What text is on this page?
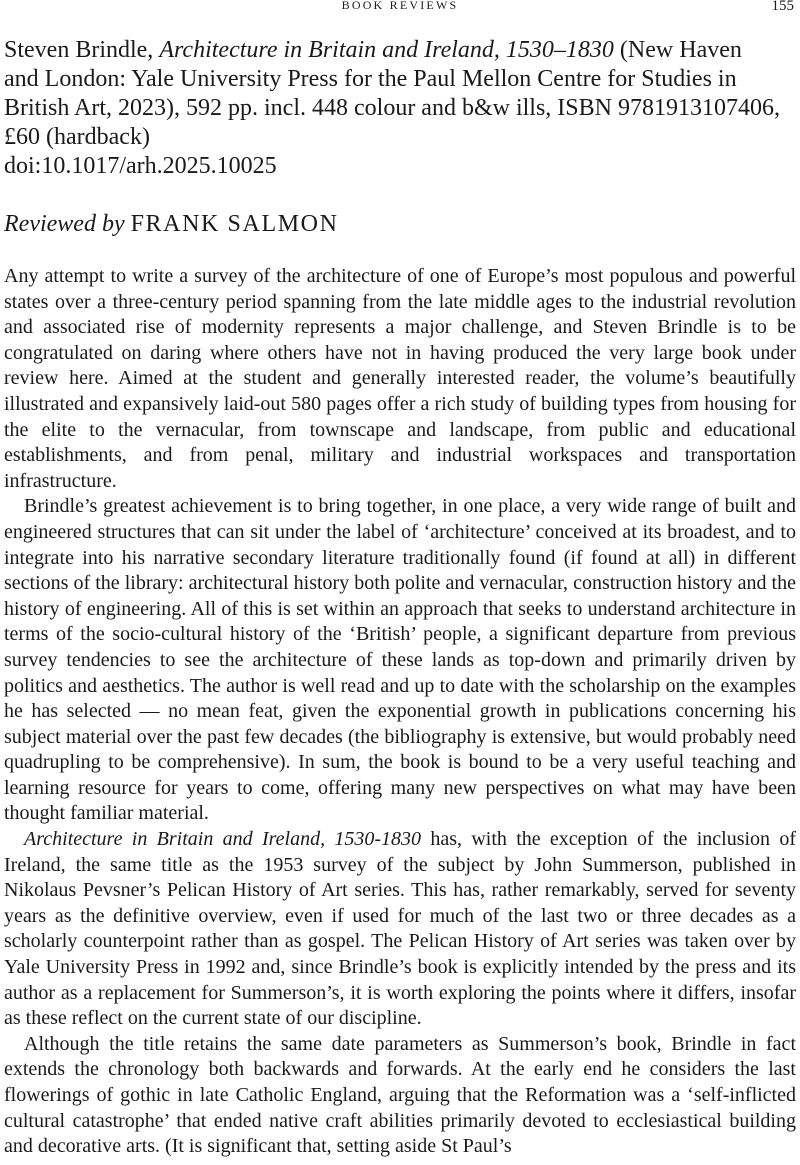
BOOK REVIEWS	155

Steven Brindle, Architecture in Britain and Ireland, 1530–1830 (New Haven and London: Yale University Press for the Paul Mellon Centre for Studies in British Art, 2023), 592 pp. incl. 448 colour and b&w ills, ISBN 9781913107406, £60 (hardback)

doi:10.1017/arh.2025.10025

Reviewed by FRANK SALMON

Any attempt to write a survey of the architecture of one of Europe’s most populous and powerful states over a three-century period spanning from the late middle ages to the industrial revolution and associated rise of modernity represents a major challenge, and Steven Brindle is to be congratulated on daring where others have not in having produced the very large book under review here. Aimed at the student and generally interested reader, the volume’s beautifully illustrated and expansively laid-out 580 pages offer a rich study of building types from housing for the elite to the vernacular, from townscape and landscape, from public and educational establishments, and from penal, military and industrial workspaces and transportation infrastructure.

Brindle’s greatest achievement is to bring together, in one place, a very wide range of built and engineered structures that can sit under the label of ‘architecture’ conceived at its broadest, and to integrate into his narrative secondary literature traditionally found (if found at all) in different sections of the library: architectural history both polite and vernacular, construction history and the history of engineering. All of this is set within an approach that seeks to understand architecture in terms of the socio-cultural history of the ‘British’ people, a significant departure from previous survey tendencies to see the architecture of these lands as top-down and primarily driven by politics and aesthetics. The author is well read and up to date with the scholarship on the examples he has selected — no mean feat, given the exponential growth in publications concerning his subject material over the past few decades (the bibliography is extensive, but would probably need quadrupling to be comprehensive). In sum, the book is bound to be a very useful teaching and learning resource for years to come, offering many new perspectives on what may have been thought familiar material.

Architecture in Britain and Ireland, 1530-1830 has, with the exception of the inclusion of Ireland, the same title as the 1953 survey of the subject by John Summerson, published in Nikolaus Pevsner’s Pelican History of Art series. This has, rather remarkably, served for seventy years as the definitive overview, even if used for much of the last two or three decades as a scholarly counterpoint rather than as gospel. The Pelican History of Art series was taken over by Yale University Press in 1992 and, since Brindle’s book is explicitly intended by the press and its author as a replacement for Summerson’s, it is worth exploring the points where it differs, insofar as these reflect on the current state of our discipline.

Although the title retains the same date parameters as Summerson’s book, Brindle in fact extends the chronology both backwards and forwards. At the early end he considers the last flowerings of gothic in late Catholic England, arguing that the Reformation was a ‘self-inflicted cultural catastrophe’ that ended native craft abilities primarily devoted to ecclesiastical building and decorative arts. (It is significant that, setting aside St Paul’s
